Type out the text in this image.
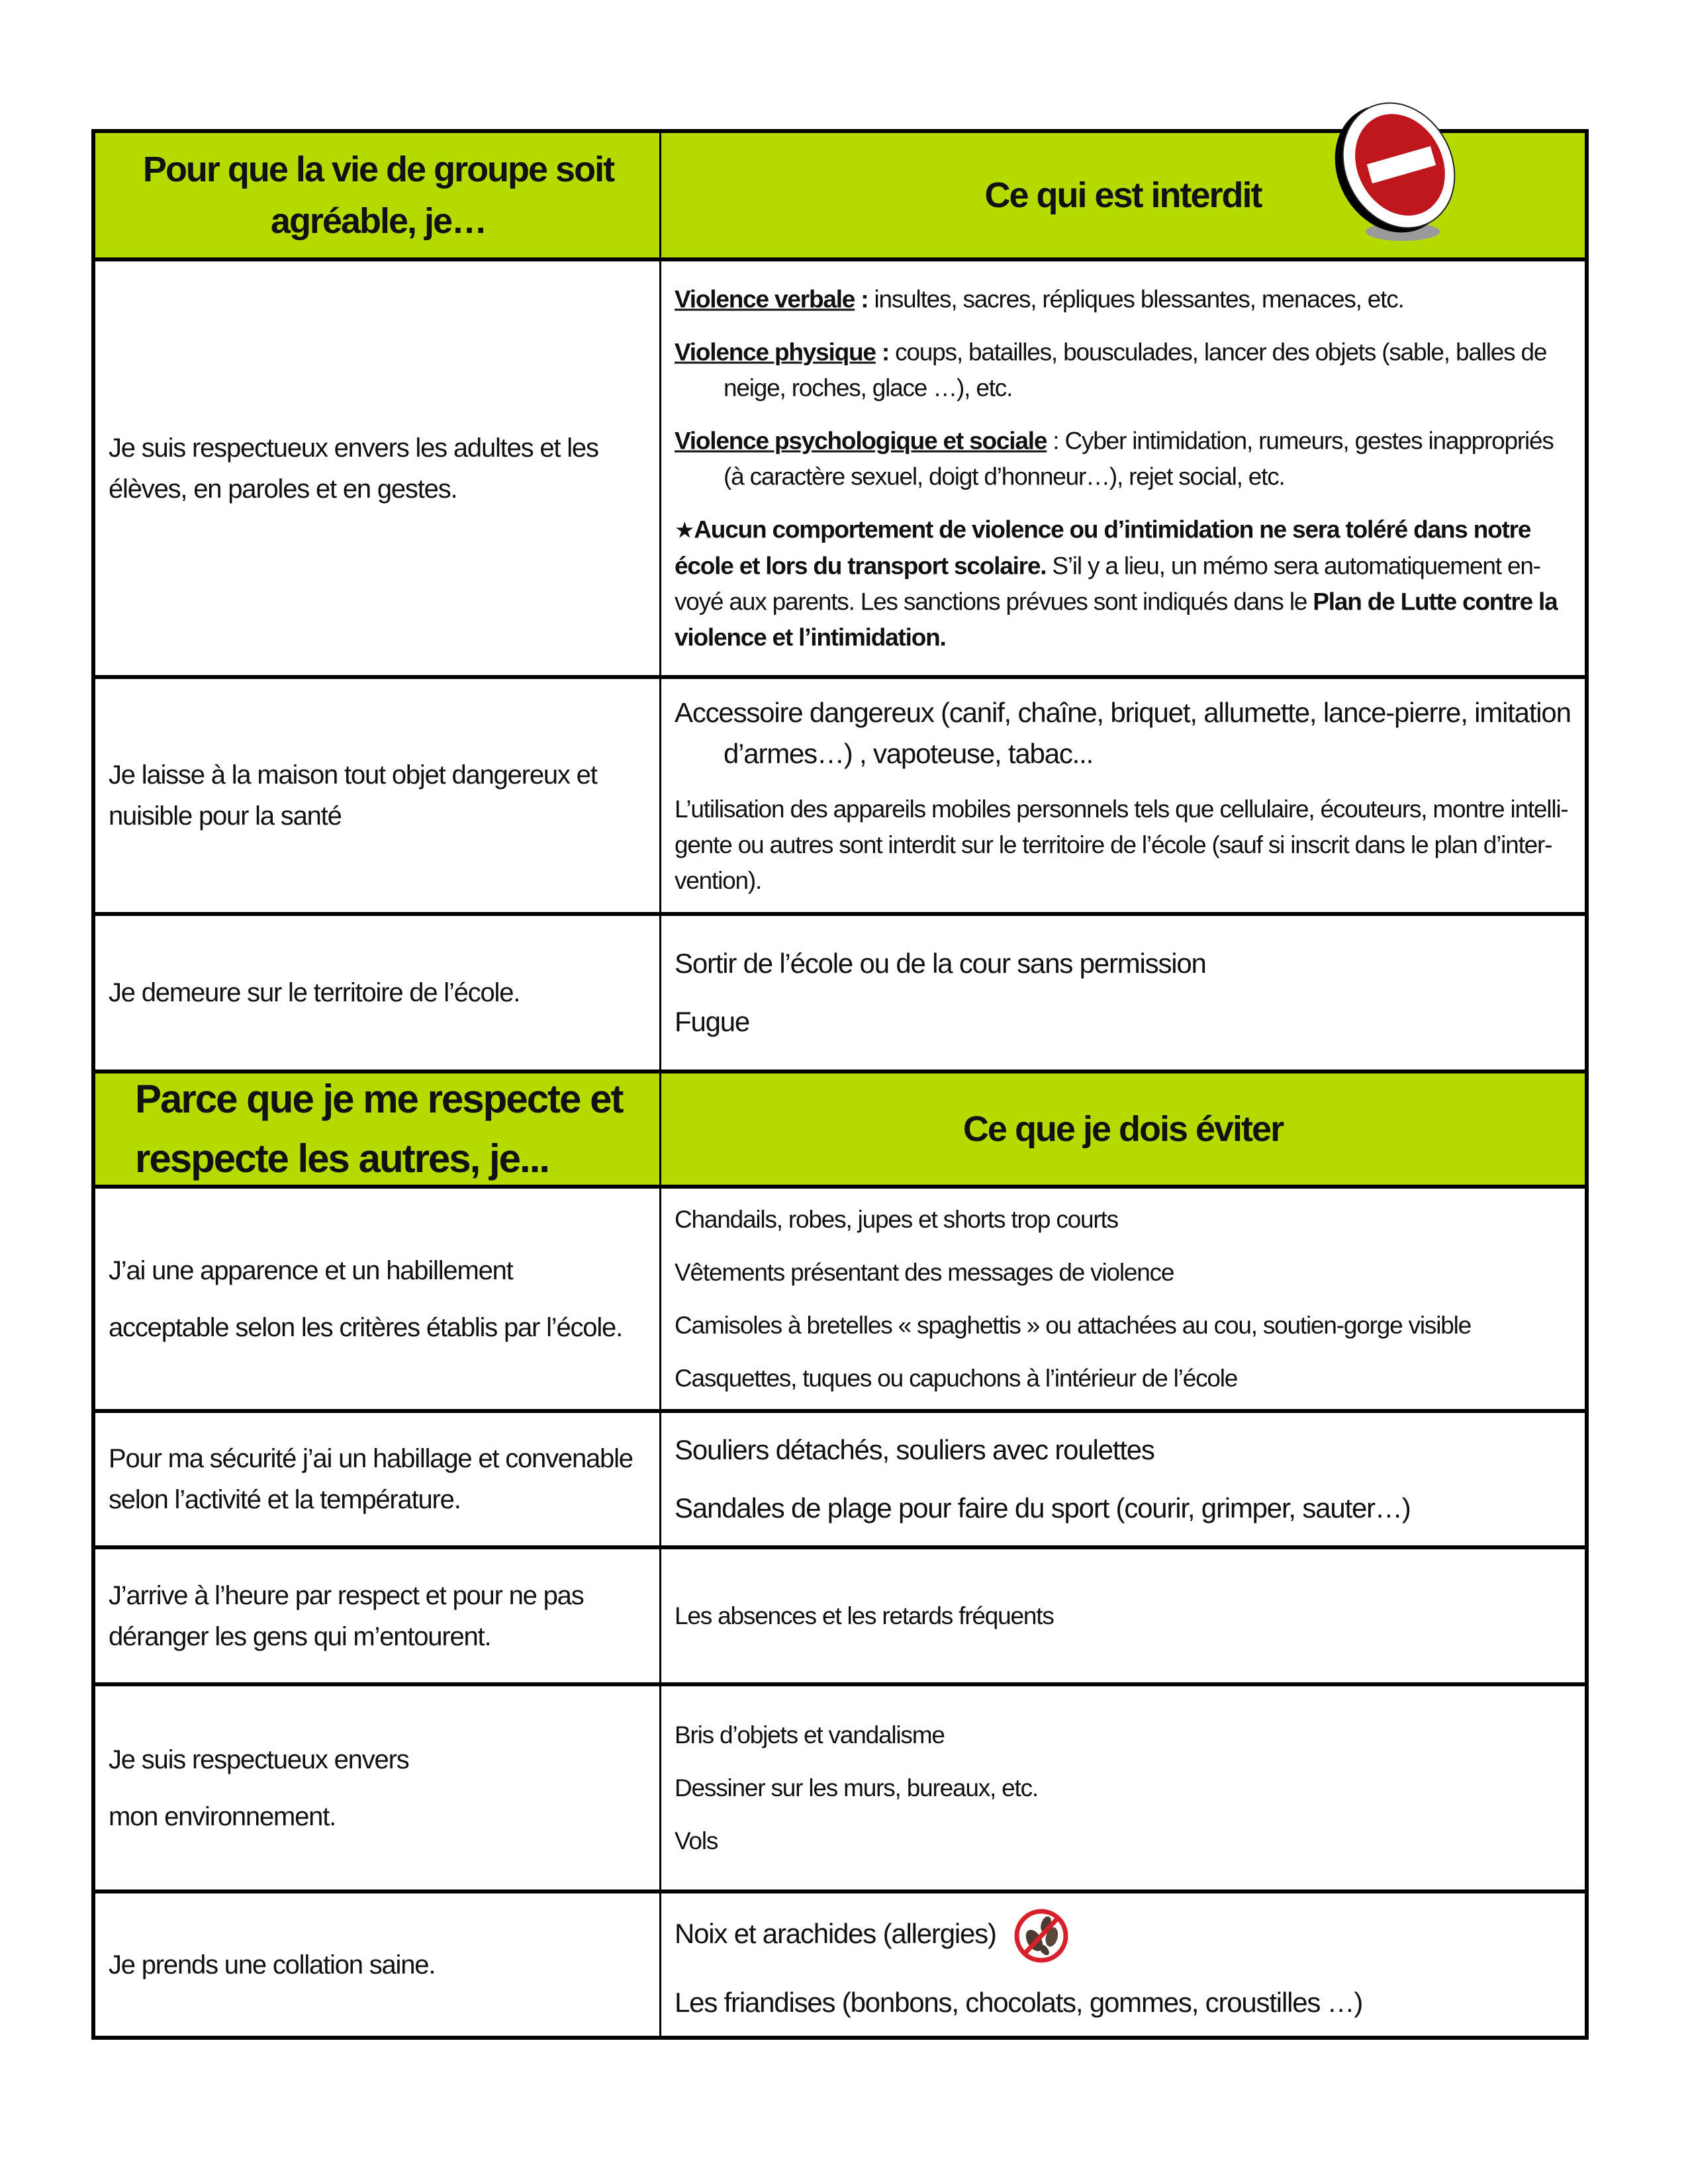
Pour que la vie de groupe soit
agréable, je…
Ce qui est interdit
Je suis respectueux envers les adultes et les
élèves, en paroles et en gestes.
Violence verbale : insultes, sacres, répliques blessantes, menaces, etc.
Violence physique : coups, batailles, bousculades, lancer des objets (sable, balles de neige, roches, glace …), etc.
Violence psychologique et sociale : Cyber intimidation, rumeurs, gestes inappropriés (à caractère sexuel, doigt d’honneur…), rejet social, etc.
★Aucun comportement de violence ou d’intimidation ne sera toléré dans notre école et lors du transport scolaire. S’il y a lieu, un mémo sera automatiquement en-voyé aux parents. Les sanctions prévues sont indiqués dans le Plan de Lutte contre la violence et l’intimidation.
Je laisse à la maison tout objet dangereux et
nuisible pour la santé
Accessoire dangereux (canif, chaîne, briquet, allumette, lance-pierre, imitation d’armes…) , vapoteuse, tabac...
L’utilisation des appareils mobiles personnels tels que cellulaire, écouteurs, montre intelli-gente ou autres sont interdit sur le territoire de l’école (sauf si inscrit dans le plan d’inter-vention).
Je demeure sur le territoire de l’école.
Sortir de l’école ou de la cour sans permission
Fugue
Parce que je me respecte et
respecte les autres, je...
Ce que je dois éviter
J’ai une apparence et un habillement
acceptable selon les critères établis par l’école.
Chandails, robes, jupes et shorts trop courts
Vêtements présentant des messages de violence
Camisoles à bretelles « spaghettis » ou attachées au cou, soutien-gorge visible
Casquettes, tuques ou capuchons à l’intérieur de l’école
Pour ma sécurité j’ai un habillage et convenable
selon l’activité et la température.
Souliers détachés, souliers avec roulettes
Sandales de plage pour faire du sport (courir, grimper, sauter…)
J’arrive à l’heure par respect et pour ne pas
déranger les gens qui m’entourent.
Les absences et les retards fréquents
Je suis respectueux envers
mon environnement.
Bris d’objets et vandalisme
Dessiner sur les murs, bureaux, etc.
Vols
Je prends une collation saine.
Noix et arachides (allergies)
Les friandises (bonbons, chocolats, gommes, croustilles …)
